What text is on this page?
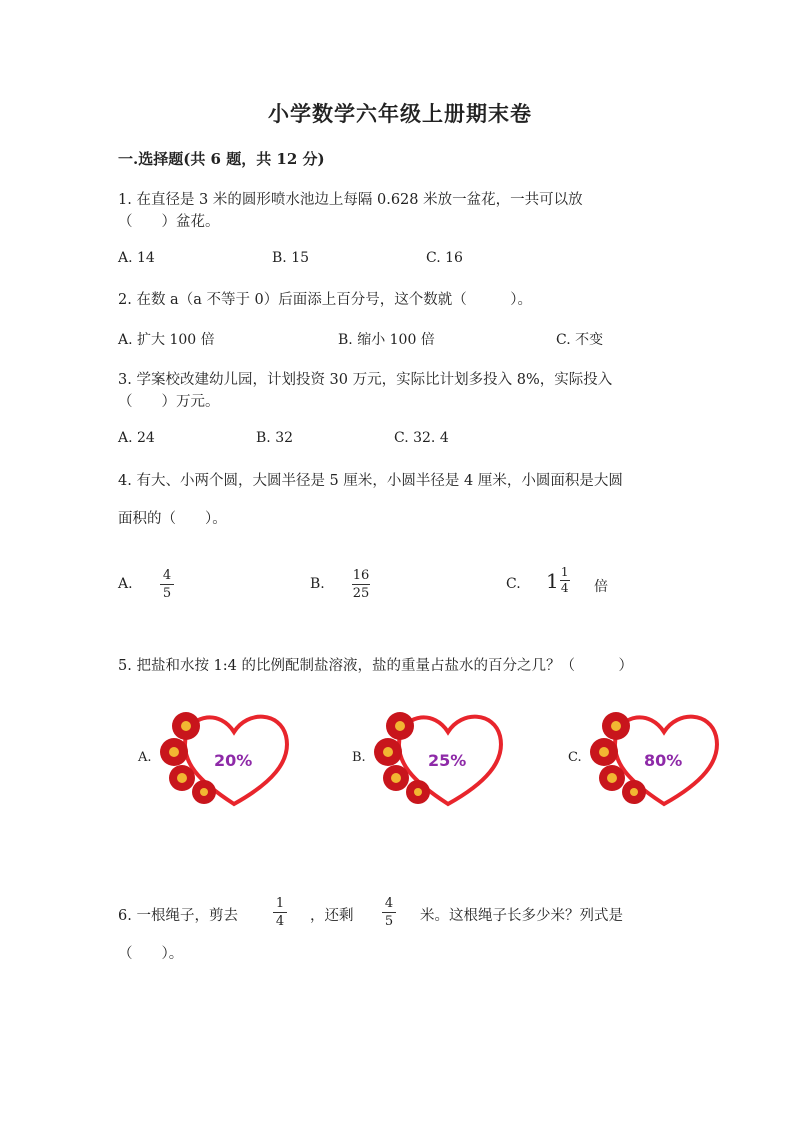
小学数学六年级上册期末卷
一.选择题(共 6 题，共 12 分)
1. 在直径是 3 米的圆形喷水池边上每隔 0.628 米放一盆花，一共可以放
（　　）盆花。
A. 14	B. 15	C. 16
2. 在数 a（a 不等于 0）后面添上百分号，这个数就（　　　）。
A. 扩大 100 倍	B. 缩小 100 倍	C. 不变
3. 学案校改建幼儿园，计划投资 30 万元，实际比计划多投入 8%，实际投入
（　　）万元。
A. 24	B. 32	C. 32. 4
4. 有大、小两个圆，大圆半径是 5 厘米，小圆半径是 4 厘米，小圆面积是大圆
面积的（　　）。
A.
4
5
B.
16
25
C. 1 1
4 倍
5. 把盐和水按 1:4 的比例配制盐溶液，盐的重量占盐水的百分之几？（　　　）
A.	20%	B.	25%	C.	80%
6. 一根绳子，剪去
1
4 ，还剩
4
5 米。这根绳子长多少米？列式是
（　　）。
